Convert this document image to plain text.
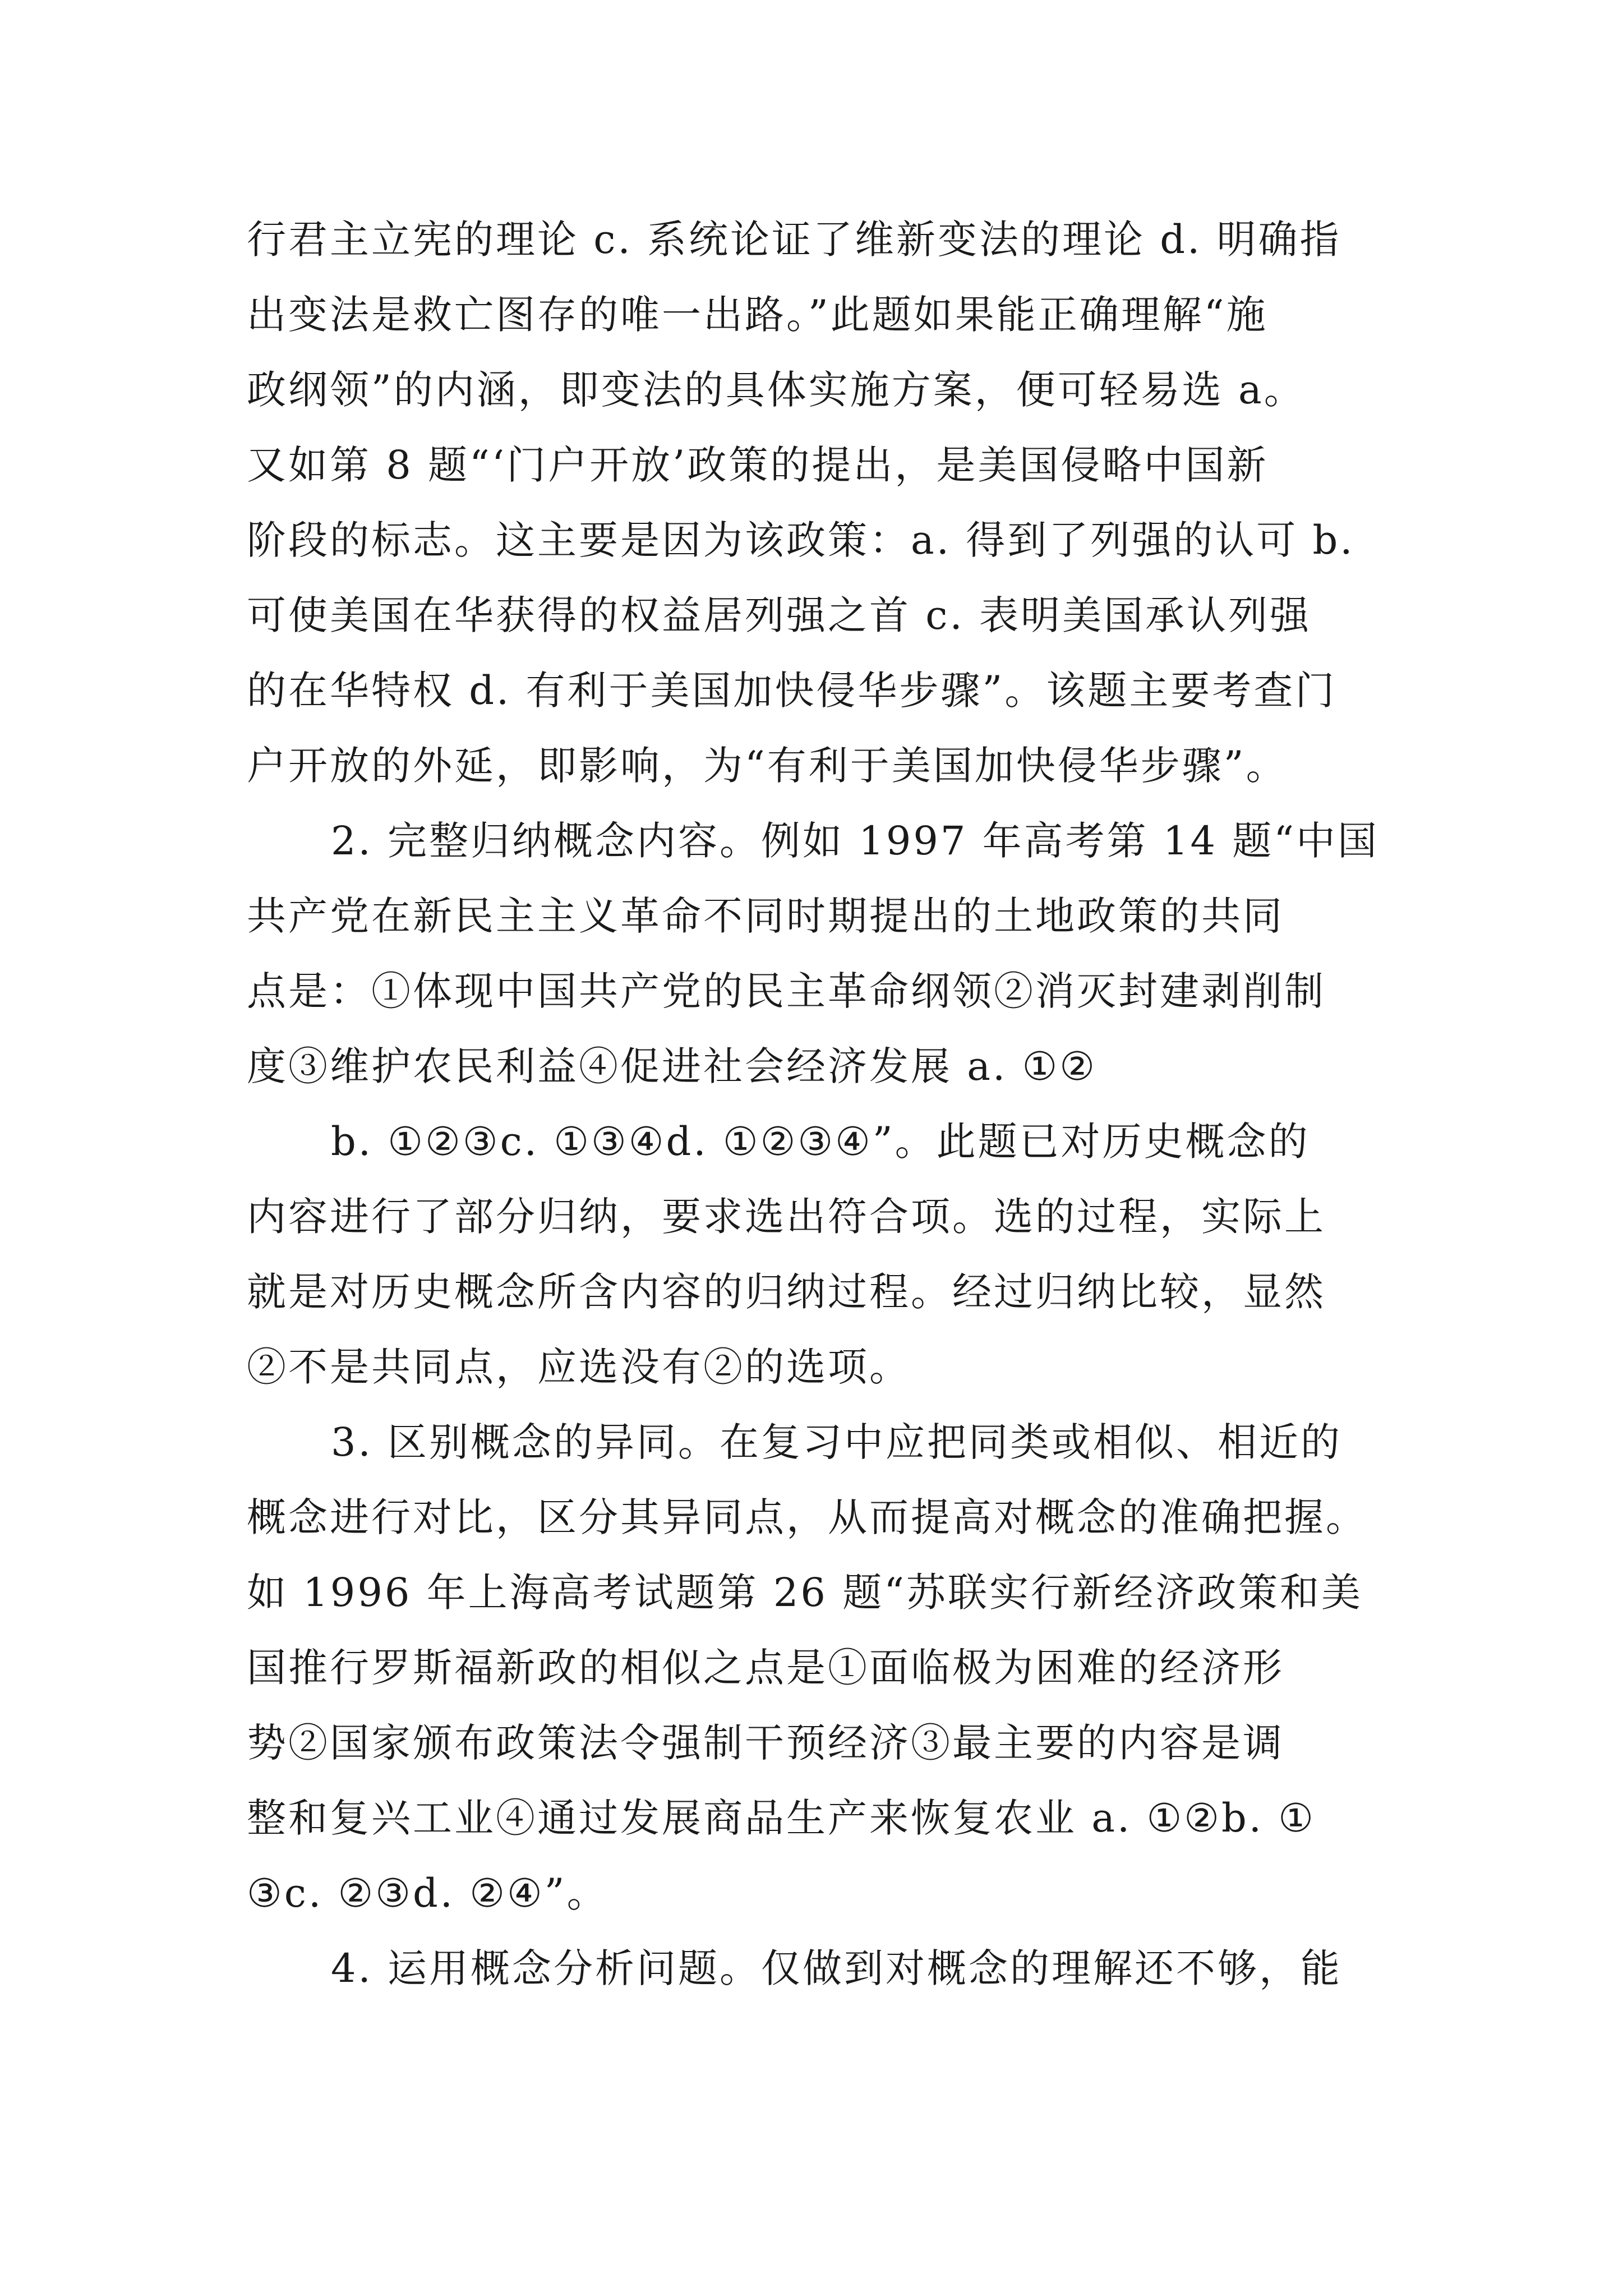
行君主立宪的理论 c. 系统论证了维新变法的理论 d. 明确指
出变法是救亡图存的唯一出路。”此题如果能正确理解“施
政纲领”的内涵，即变法的具体实施方案，便可轻易选 a。
又如第 8 题“‘门户开放’政策的提出，是美国侵略中国新
阶段的标志。这主要是因为该政策：a. 得到了列强的认可 b.
可使美国在华获得的权益居列强之首 c. 表明美国承认列强
的在华特权 d. 有利于美国加快侵华步骤”。该题主要考查门
户开放的外延，即影响，为“有利于美国加快侵华步骤”。
2. 完整归纳概念内容。例如 1997 年高考第 14 题“中国
共产党在新民主主义革命不同时期提出的土地政策的共同
点是：①体现中国共产党的民主革命纲领②消灭封建剥削制
度③维护农民利益④促进社会经济发展 a. ①②
b. ①②③c. ①③④d. ①②③④”。此题已对历史概念的
内容进行了部分归纳，要求选出符合项。选的过程，实际上
就是对历史概念所含内容的归纳过程。经过归纳比较，显然
②不是共同点，应选没有②的选项。
3. 区别概念的异同。在复习中应把同类或相似、相近的
概念进行对比，区分其异同点，从而提高对概念的准确把握。
如 1996 年上海高考试题第 26 题“苏联实行新经济政策和美
国推行罗斯福新政的相似之点是①面临极为困难的经济形
势②国家颁布政策法令强制干预经济③最主要的内容是调
整和复兴工业④通过发展商品生产来恢复农业 a. ①②b. ①
③c. ②③d. ②④”。
4. 运用概念分析问题。仅做到对概念的理解还不够，能
